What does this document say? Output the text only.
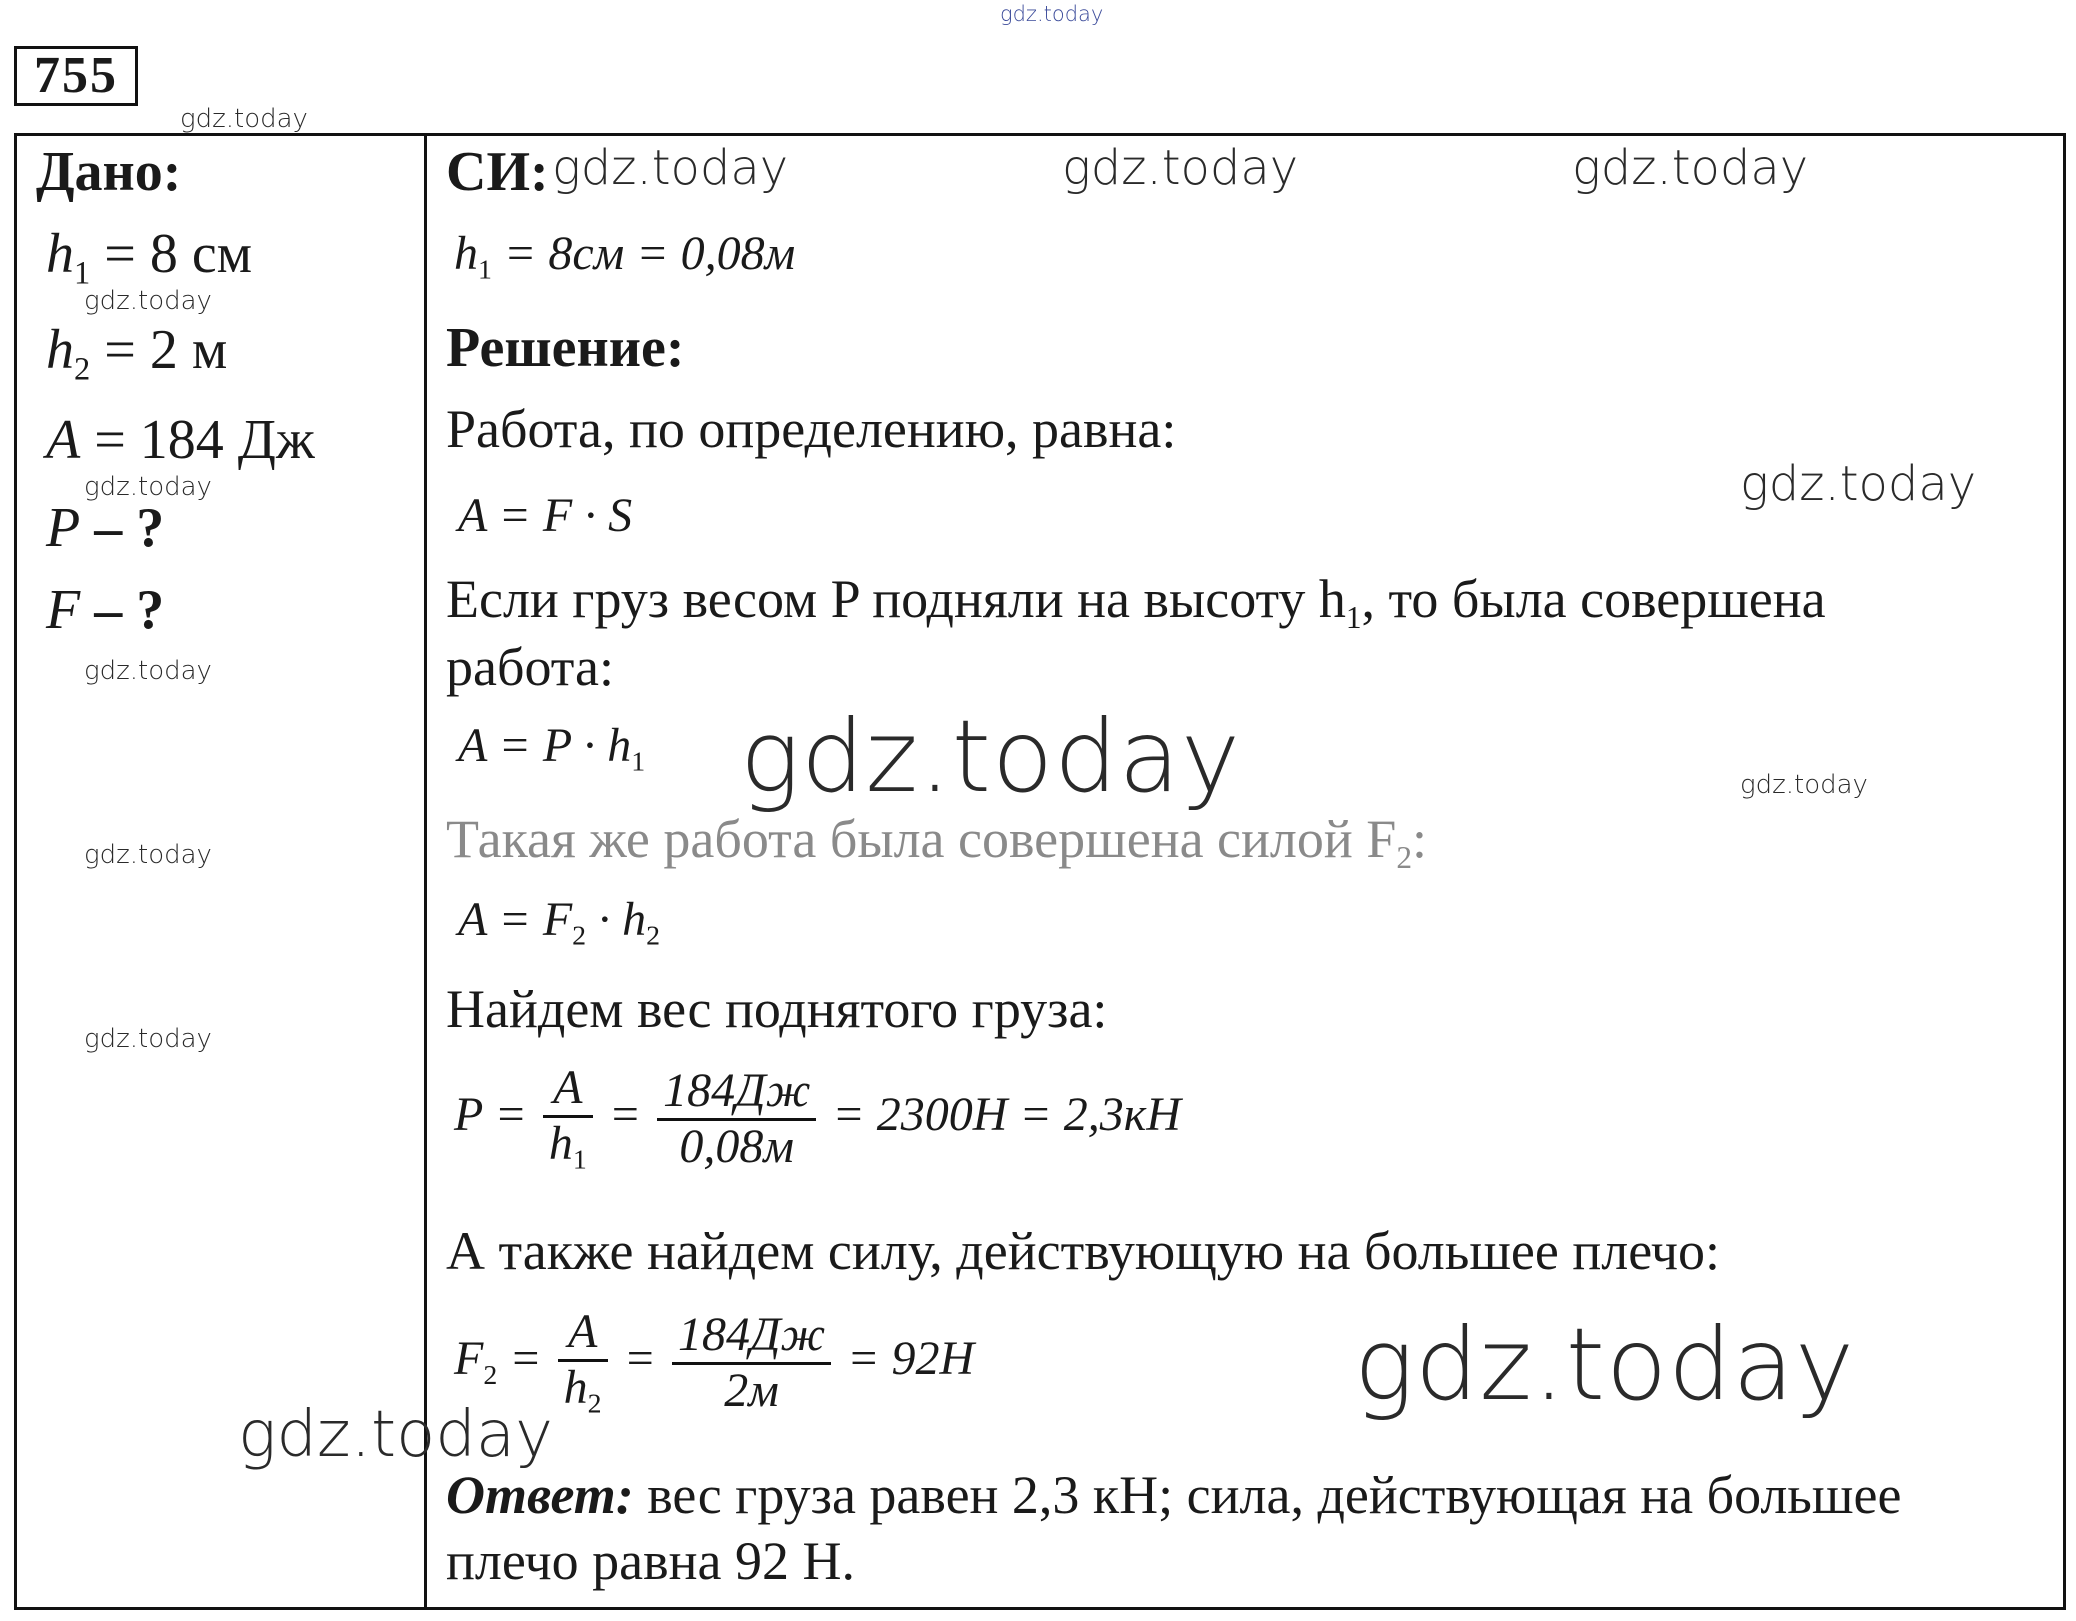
gdz.today
755
gdz.today
Дано:
$h_1 = 8$ см
gdz.today
$h_2 = 2$ м
A = 184 Дж
gdz.today
P – ?
F – ?
gdz.today
gdz.today
gdz.today
СИ: gdz.today	gdz.today	gdz.today
$h_1 = 8см = 0,08м$
Решение:
Работа, по определению, равна:
gdz.today
A = F · S
Если груз весом P подняли на высоту $h_1$, то была совершена
работа:
$A = P \cdot h_1$ gdz.today	gdz.today
Такая же работа была совершена силой $F_2$:
$A = F_2 \cdot h_2$
Найдем вес поднятого груза:
$P = \frac{A}{h_1} = \frac{184Дж}{0,08м} = 2300H = 2,3кH$
А также найдем силу, действующую на большее плечо:
$F_2 = \frac{A}{h_2} = \frac{184Дж}{2м} = 92H$	gdz.today
gdz.today
Ответ: вес груза равен 2,3 кН; сила, действующая на большее
плечо равна 92 Н.
